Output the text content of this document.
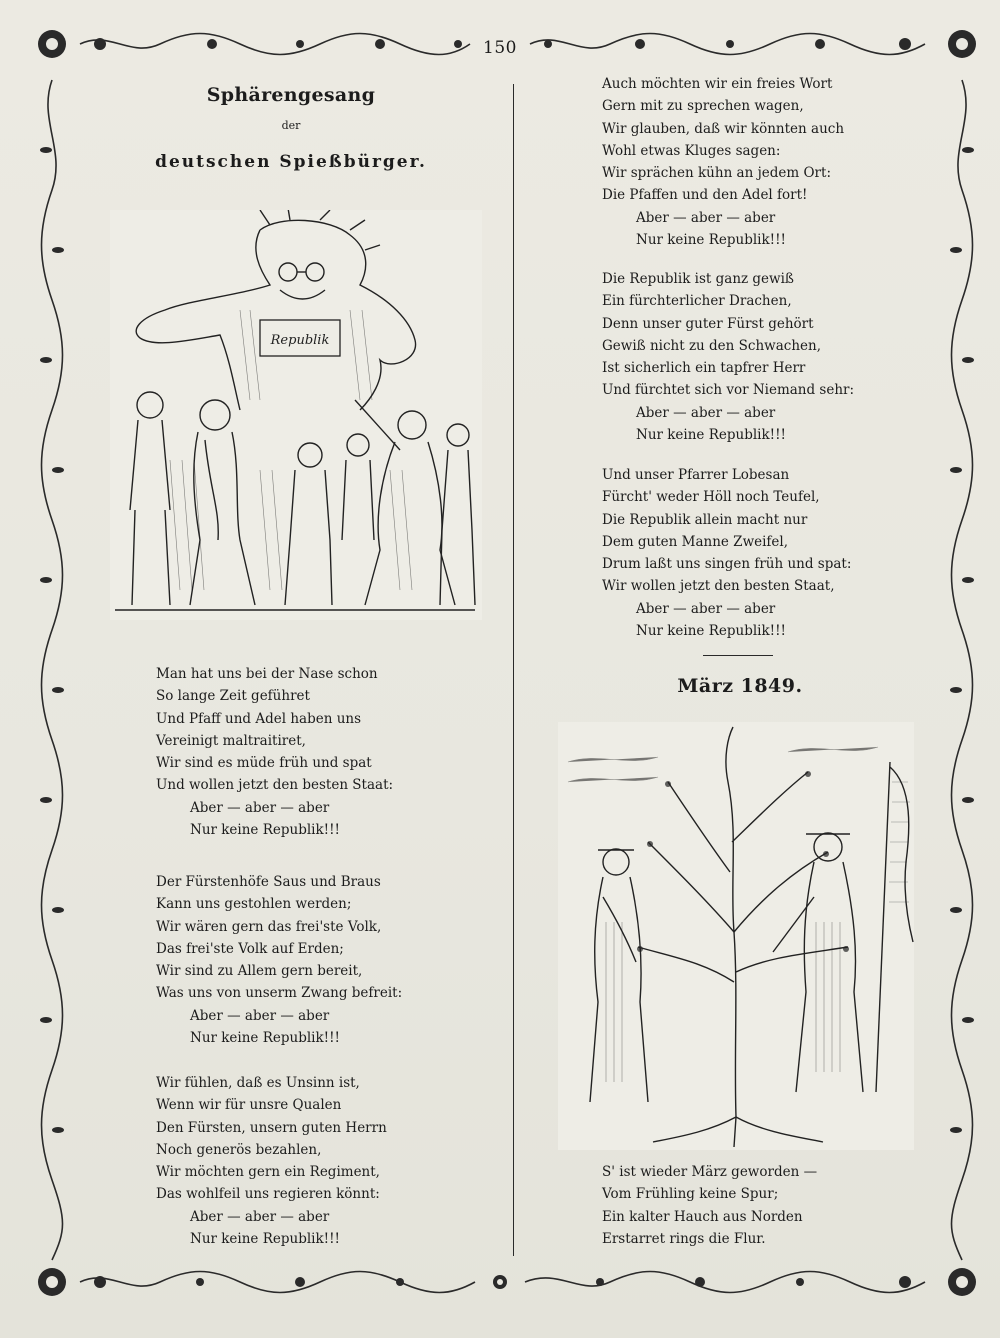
150
Sphärengesang
der
deutschen Spießbürger.
Republik
Man hat uns bei der Nase schon
So lange Zeit geführet
Und Pfaff und Adel haben uns
Vereinigt maltraitiret,
Wir sind es müde früh und spat
Und wollen jetzt den besten Staat:
Aber — aber — aber
Nur keine Republik!!!
Der Fürstenhöfe Saus und Braus
Kann uns gestohlen werden;
Wir wären gern das frei'ste Volk,
Das frei'ste Volk auf Erden;
Wir sind zu Allem gern bereit,
Was uns von unserm Zwang befreit:
Aber — aber — aber
Nur keine Republik!!!
Wir fühlen, daß es Unsinn ist,
Wenn wir für unsre Qualen
Den Fürsten, unsern guten Herrn
Noch generös bezahlen,
Wir möchten gern ein Regiment,
Das wohlfeil uns regieren könnt:
Aber — aber — aber
Nur keine Republik!!!
Auch möchten wir ein freies Wort
Gern mit zu sprechen wagen,
Wir glauben, daß wir könnten auch
Wohl etwas Kluges sagen:
Wir sprächen kühn an jedem Ort:
Die Pfaffen und den Adel fort!
Aber — aber — aber
Nur keine Republik!!!
Die Republik ist ganz gewiß
Ein fürchterlicher Drachen,
Denn unser guter Fürst gehört
Gewiß nicht zu den Schwachen,
Ist sicherlich ein tapfrer Herr
Und fürchtet sich vor Niemand sehr:
Aber — aber — aber
Nur keine Republik!!!
Und unser Pfarrer Lobesan
Fürcht' weder Höll noch Teufel,
Die Republik allein macht nur
Dem guten Manne Zweifel,
Drum laßt uns singen früh und spat:
Wir wollen jetzt den besten Staat,
Aber — aber — aber
Nur keine Republik!!!
März 1849.
S' ist wieder März geworden —
Vom Frühling keine Spur;
Ein kalter Hauch aus Norden
Erstarret rings die Flur.
